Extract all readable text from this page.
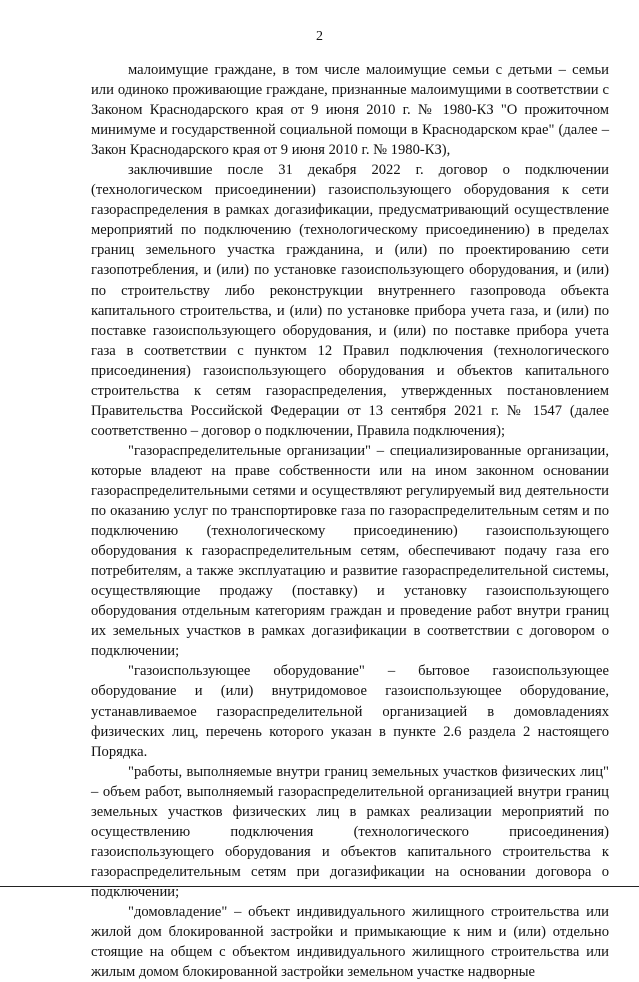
2

малоимущие граждане, в том числе малоимущие семьи с детьми – семьи или одиноко проживающие граждане, признанные малоимущими в соответствии с Законом Краснодарского края от 9 июня 2010 г. № 1980-КЗ "О прожиточном минимуме и государственной социальной помощи в Краснодарском крае" (далее – Закон Краснодарского края от 9 июня 2010 г. № 1980-КЗ),

заключившие после 31 декабря 2022 г. договор о подключении (технологическом присоединении) газоиспользующего оборудования к сети газораспределения в рамках догазификации, предусматривающий осуществление мероприятий по подключению (технологическому присоединению) в пределах границ земельного участка гражданина, и (или) по проектированию сети газопотребления, и (или) по установке газоиспользующего оборудования, и (или) по строительству либо реконструкции внутреннего газопровода объекта капитального строительства, и (или) по установке прибора учета газа, и (или) по поставке газоиспользующего оборудования, и (или) по поставке прибора учета газа в соответствии с пунктом 12 Правил подключения (технологического присоединения) газоиспользующего оборудования и объектов капитального строительства к сетям газораспределения, утвержденных постановлением Правительства Российской Федерации от 13 сентября 2021 г. № 1547 (далее соответственно – договор о подключении, Правила подключения);

"газораспределительные организации" – специализированные организации, которые владеют на праве собственности или на ином законном основании газораспределительными сетями и осуществляют регулируемый вид деятельности по оказанию услуг по транспортировке газа по газораспределительным сетям и по подключению (технологическому присоединению) газоиспользующего оборудования к газораспределительным сетям, обеспечивают подачу газа его потребителям, а также эксплуатацию и развитие газораспределительной системы, осуществляющие продажу (поставку) и установку газоиспользующего оборудования отдельным категориям граждан и проведение работ внутри границ их земельных участков в рамках догазификации в соответствии с договором о подключении;

"газоиспользующее оборудование" – бытовое газоиспользующее оборудование и (или) внутридомовое газоиспользующее оборудование, устанавливаемое газораспределительной организацией в домовладениях физических лиц, перечень которого указан в пункте 2.6 раздела 2 настоящего Порядка.

"работы, выполняемые внутри границ земельных участков физических лиц" – объем работ, выполняемый газораспределительной организацией внутри границ земельных участков физических лиц в рамках реализации мероприятий по осуществлению подключения (технологического присоединения) газоиспользующего оборудования и объектов капитального строительства к газораспределительным сетям при догазификации на основании договора о подключении;

"домовладение" – объект индивидуального жилищного строительства или жилой дом блокированной застройки и примыкающие к ним и (или) отдельно стоящие на общем с объектом индивидуального жилищного строительства или жилым домом блокированной застройки земельном участке надворные
